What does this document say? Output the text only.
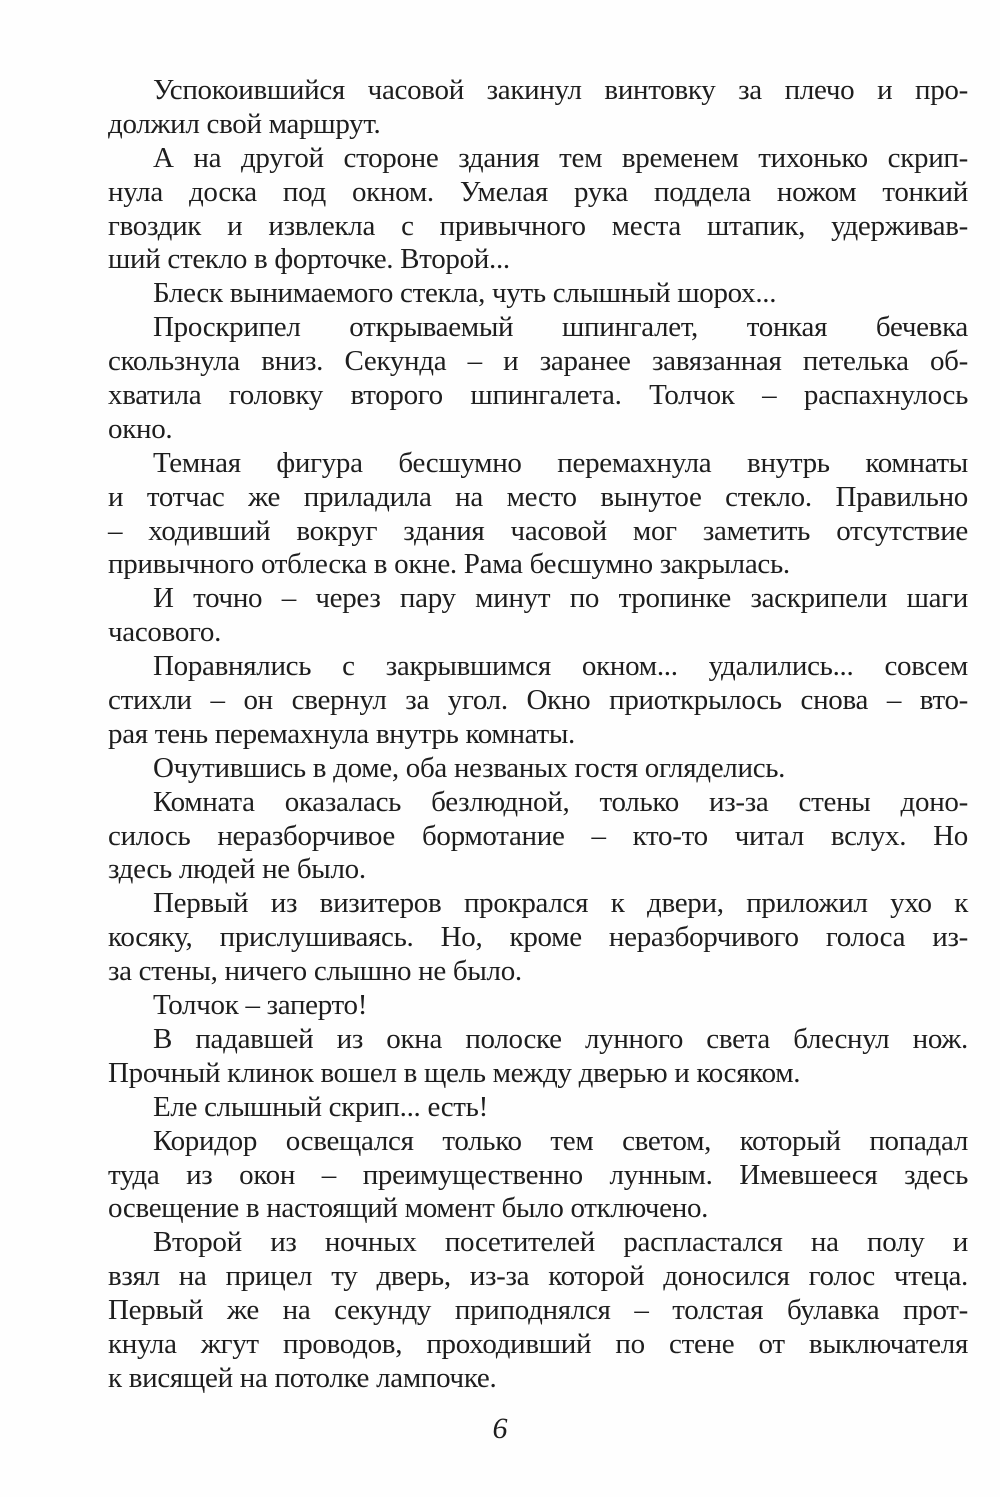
Успокоившийся часовой закинул винтовку за плечо и про-
должил свой маршрут.
А на другой стороне здания тем временем тихонько скрип-
нула доска под окном. Умелая рука поддела ножом тонкий
гвоздик и извлекла с привычного места штапик, удерживав-
ший стекло в форточке. Второй...
Блеск вынимаемого стекла, чуть слышный шорох...
Проскрипел открываемый шпингалет, тонкая бечевка
скользнула вниз. Секунда – и заранее завязанная петелька об-
хватила головку второго шпингалета. Толчок – распахнулось
окно.
Темная фигура бесшумно перемахнула внутрь комнаты
и тотчас же приладила на место вынутое стекло. Правильно
– ходивший вокруг здания часовой мог заметить отсутствие
привычного отблеска в окне. Рама бесшумно закрылась.
И точно – через пару минут по тропинке заскрипели шаги
часового.
Поравнялись с закрывшимся окном... удалились... совсем
стихли – он свернул за угол. Окно приоткрылось снова – вто-
рая тень перемахнула внутрь комнаты.
Очутившись в доме, оба незваных гостя огляделись.
Комната оказалась безлюдной, только из-за стены доно-
силось неразборчивое бормотание – кто-то читал вслух. Но
здесь людей не было.
Первый из визитеров прокрался к двери, приложил ухо к
косяку, прислушиваясь. Но, кроме неразборчивого голоса из-
за стены, ничего слышно не было.
Толчок – заперто!
В падавшей из окна полоске лунного света блеснул нож.
Прочный клинок вошел в щель между дверью и косяком.
Еле слышный скрип... есть!
Коридор освещался только тем светом, который попадал
туда из окон – преимущественно лунным. Имевшееся здесь
освещение в настоящий момент было отключено.
Второй из ночных посетителей распластался на полу и
взял на прицел ту дверь, из-за которой доносился голос чтеца.
Первый же на секунду приподнялся – толстая булавка прот-
кнула жгут проводов, проходивший по стене от выключателя
к висящей на потолке лампочке.
6
